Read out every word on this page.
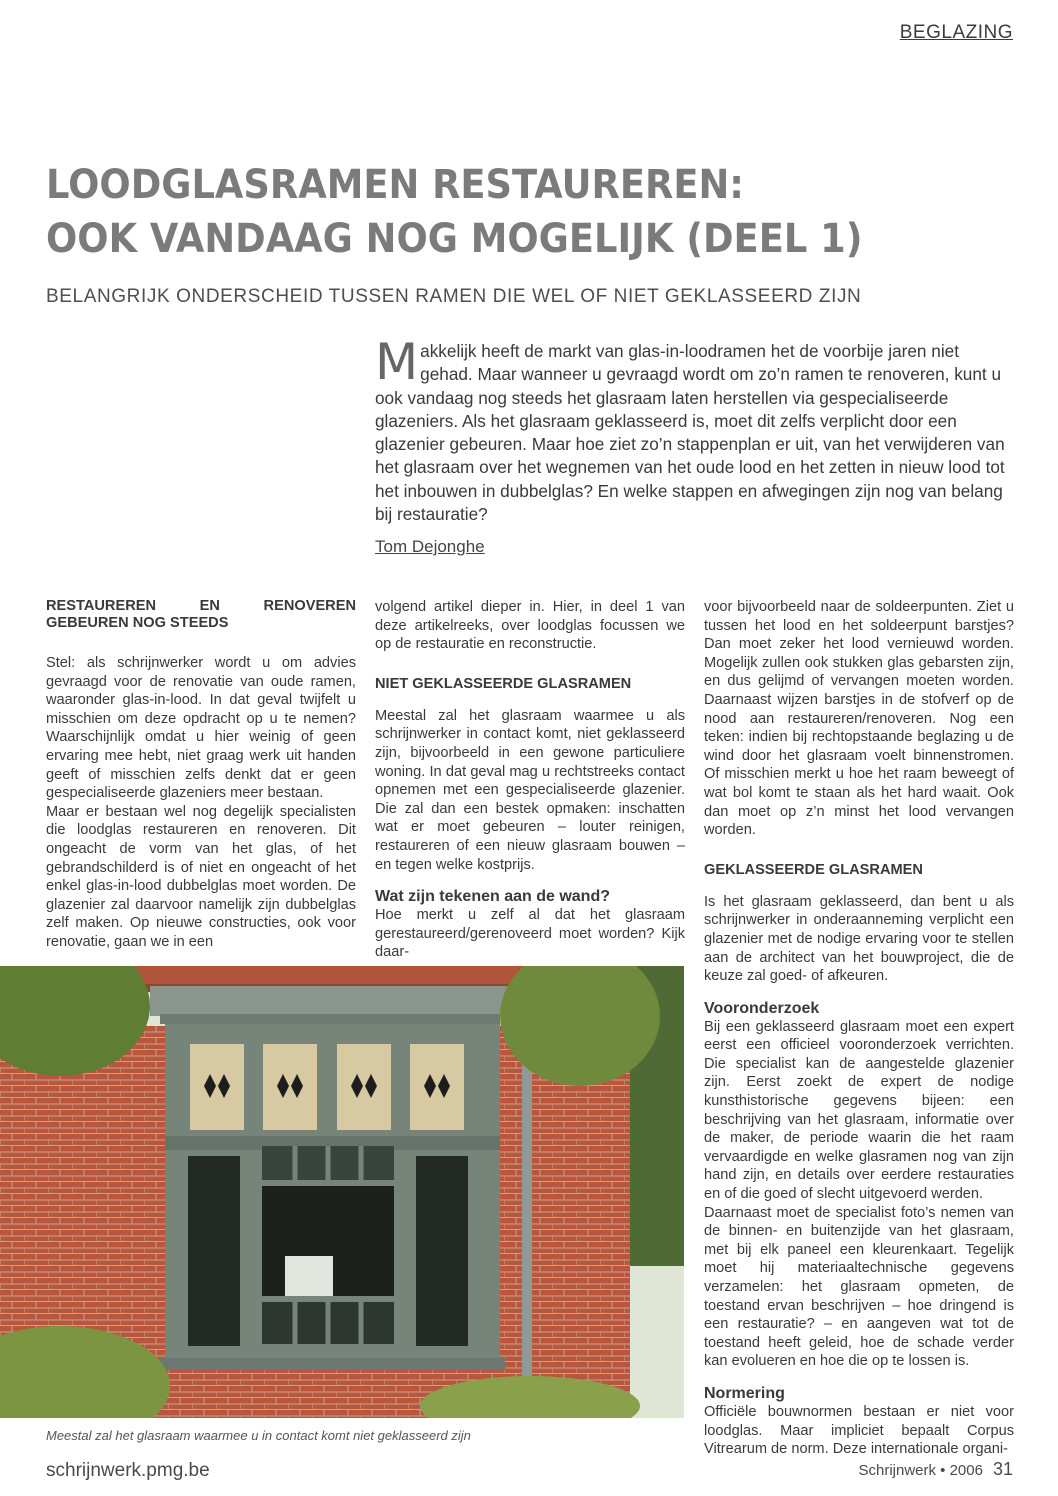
BEGLAZING
LOODGLASRAMEN RESTAUREREN:
OOK VANDAAG NOG MOGELIJK (DEEL 1)
BELANGRIJK ONDERSCHEID TUSSEN RAMEN DIE WEL OF NIET GEKLASSEERD ZIJN
Makkelijk heeft de markt van glas-in-loodramen het de voorbije jaren niet gehad. Maar wanneer u gevraagd wordt om zo’n ramen te renoveren, kunt u ook vandaag nog steeds het glasraam laten herstellen via gespecialiseerde glazeniers. Als het glasraam geklasseerd is, moet dit zelfs verplicht door een glazenier gebeuren. Maar hoe ziet zo’n stappenplan er uit, van het verwijderen van het glasraam over het wegnemen van het oude lood en het zetten in nieuw lood tot het inbouwen in dubbelglas? En welke stappen en afwegingen zijn nog van belang bij restauratie?
Tom Dejonghe
RESTAUREREN EN RENOVEREN GEBEUREN NOG STEEDS

Stel: als schrijnwerker wordt u om advies gevraagd voor de renovatie van oude ramen, waaronder glas-in-lood. In dat geval twijfelt u misschien om deze opdracht op u te nemen? Waarschijnlijk omdat u hier weinig of geen ervaring mee hebt, niet graag werk uit handen geeft of misschien zelfs denkt dat er geen gespecialiseerde glazeniers meer bestaan.

Maar er bestaan wel nog degelijk specialisten die loodglas restaureren en renoveren. Dit ongeacht de vorm van het glas, of het gebrandschilderd is of niet en ongeacht of het enkel glas-in-lood dubbelglas moet worden. De glazenier zal daarvoor namelijk zijn dubbelglas zelf maken. Op nieuwe constructies, ook voor renovatie, gaan we in een

volgend artikel dieper in. Hier, in deel 1 van deze artikelreeks, over loodglas focussen we op de restauratie en reconstructie.

NIET GEKLASSEERDE GLASRAMEN

Meestal zal het glasraam waarmee u als schrijnwerker in contact komt, niet geklasseerd zijn, bijvoorbeeld in een gewone particuliere woning. In dat geval mag u rechtstreeks contact opnemen met een gespecialiseerde glazenier. Die zal dan een bestek opmaken: inschatten wat er moet gebeuren – louter reinigen, restaureren of een nieuw glasraam bouwen – en tegen welke kostprijs.

Wat zijn tekenen aan de wand?

Hoe merkt u zelf al dat het glasraam gerestaureerd/gerenoveerd moet worden? Kijk daar-

voor bijvoorbeeld naar de soldeerpunten. Ziet u tussen het lood en het soldeerpunt barstjes? Dan moet zeker het lood vernieuwd worden. Mogelijk zullen ook stukken glas gebarsten zijn, en dus gelijmd of vervangen moeten worden. Daarnaast wijzen barstjes in de stofverf op de nood aan restaureren/renoveren. Nog een teken: indien bij rechtopstaande beglazing u de wind door het glasraam voelt binnenstromen. Of misschien merkt u hoe het raam beweegt of wat bol komt te staan als het hard waait. Ook dan moet op z’n minst het lood vervangen worden.

GEKLASSEERDE GLASRAMEN

Is het glasraam geklasseerd, dan bent u als schrijnwerker in onderaanneming verplicht een glazenier met de nodige ervaring voor te stellen aan de architect van het bouwproject, die de keuze zal goed- of afkeuren.

Vooronderzoek

Bij een geklasseerd glasraam moet een expert eerst een officieel vooronderzoek verrichten. Die specialist kan de aangestelde glazenier zijn. Eerst zoekt de expert de nodige kunsthistorische gegevens bijeen: een beschrijving van het glasraam, informatie over de maker, de periode waarin die het raam vervaardigde en welke glasramen nog van zijn hand zijn, en details over eerdere restauraties en of die goed of slecht uitgevoerd werden.

Daarnaast moet de specialist foto’s nemen van de binnen- en buitenzijde van het glasraam, met bij elk paneel een kleurenkaart. Tegelijk moet hij materiaaltechnische gegevens verzamelen: het glasraam opmeten, de toestand ervan beschrijven – hoe dringend is een restauratie? – en aangeven wat tot de toestand heeft geleid, hoe de schade verder kan evolueren en hoe die op te lossen is.

Normering

Officiële bouwnormen bestaan er niet voor loodglas. Maar impliciet bepaalt Corpus Vitrearum de norm. Deze internationale organi-

Meestal zal het glasraam waarmee u in contact komt niet geklasseerd zijn
schrijnwerk.pmg.be	Schrijnwerk • 2006 31
